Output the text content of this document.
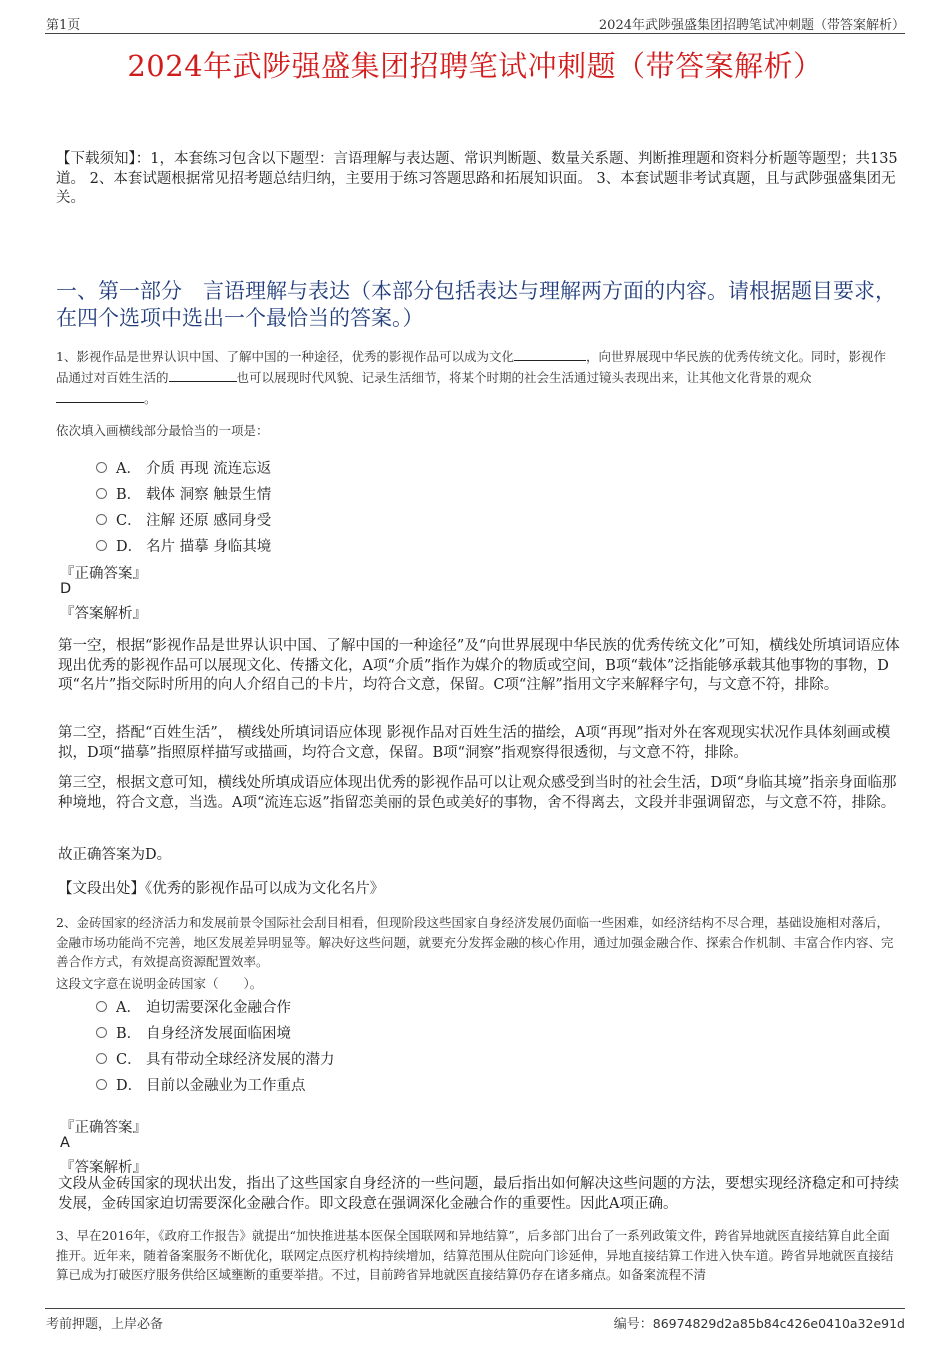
第1页	2024年武陟强盛集团招聘笔试冲刺题（带答案解析）
2024年武陟强盛集团招聘笔试冲刺题（带答案解析）
【下载须知】：1，本套练习包含以下题型：言语理解与表达题、常识判断题、数量关系题、判断推理题和资料分析题等题型；共135道。 2、本套试题根据常见招考题总结归纳，主要用于练习答题思路和拓展知识面。 3、本套试题非考试真题，且与武陟强盛集团无关。
一、第一部分　言语理解与表达（本部分包括表达与理解两方面的内容。请根据题目要求，在四个选项中选出一个最恰当的答案。）
1、影视作品是世界认识中国、了解中国的一种途径，优秀的影视作品可以成为文化	，向世界展现中华民族的优秀传统文化。同时，影视作品通过对百姓生活的	也可以展现时代风貌、记录生活细节，将某个时期的社会生活通过镜头表现出来，让其他文化背景的观众。
依次填入画横线部分最恰当的一项是：
A． 介质 再现 流连忘返
B． 载体 洞察 触景生情
C． 注解 还原 感同身受
D． 名片 描摹 身临其境
『正确答案』
D
『答案解析』
第一空，根据“影视作品是世界认识中国、了解中国的一种途径”及“向世界展现中华民族的优秀传统文化”可知，横线处所填词语应体现出优秀的影视作品可以展现文化、传播文化，A项“介质”指作为媒介的物质或空间，B项“载体”泛指能够承载其他事物的事物，D项“名片”指交际时所用的向人介绍自己的卡片，均符合文意，保留。C项“注解”指用文字来解释字句，与文意不符，排除。
第二空，搭配“百姓生活”， 横线处所填词语应体现 影视作品对百姓生活的描绘，A项“再现”指对外在客观现实状况作具体刻画或模拟，D项“描摹”指照原样描写或描画，均符合文意，保留。B项“洞察”指观察得很透彻，与文意不符，排除。
第三空，根据文意可知，横线处所填成语应体现出优秀的影视作品可以让观众感受到当时的社会生活，D项“身临其境”指亲身面临那种境地，符合文意，当选。A项“流连忘返”指留恋美丽的景色或美好的事物，舍不得离去，文段并非强调留恋，与文意不符，排除。
故正确答案为D。
【文段出处】《优秀的影视作品可以成为文化名片》
2、金砖国家的经济活力和发展前景令国际社会刮目相看，但现阶段这些国家自身经济发展仍面临一些困难，如经济结构不尽合理，基础设施相对落后，金融市场功能尚不完善，地区发展差异明显等。解决好这些问题，就要充分发挥金融的核心作用，通过加强金融合作、探索合作机制、丰富合作内容、完善合作方式，有效提高资源配置效率。
这段文字意在说明金砖国家（　　）。
A． 迫切需要深化金融合作
B． 自身经济发展面临困境
C． 具有带动全球经济发展的潜力
D． 目前以金融业为工作重点
『正确答案』
A
『答案解析』
文段从金砖国家的现状出发，指出了这些国家自身经济的一些问题，最后指出如何解决这些问题的方法，要想实现经济稳定和可持续发展，金砖国家迫切需要深化金融合作。即文段意在强调深化金融合作的重要性。因此A项正确。
3、早在2016年，《政府工作报告》就提出“加快推进基本医保全国联网和异地结算”，后多部门出台了一系列政策文件，跨省异地就医直接结算自此全面推开。近年来，随着备案服务不断优化，联网定点医疗机构持续增加，结算范围从住院向门诊延伸，异地直接结算工作进入快车道。跨省异地就医直接结算已成为打破医疗服务供给区域壅断的重要举措。不过，目前跨省异地就医直接结算仍存在诸多痛点。如备案流程不清
考前押题，上岸必备	编号：86974829d2a85b84c426e0410a32e91d
